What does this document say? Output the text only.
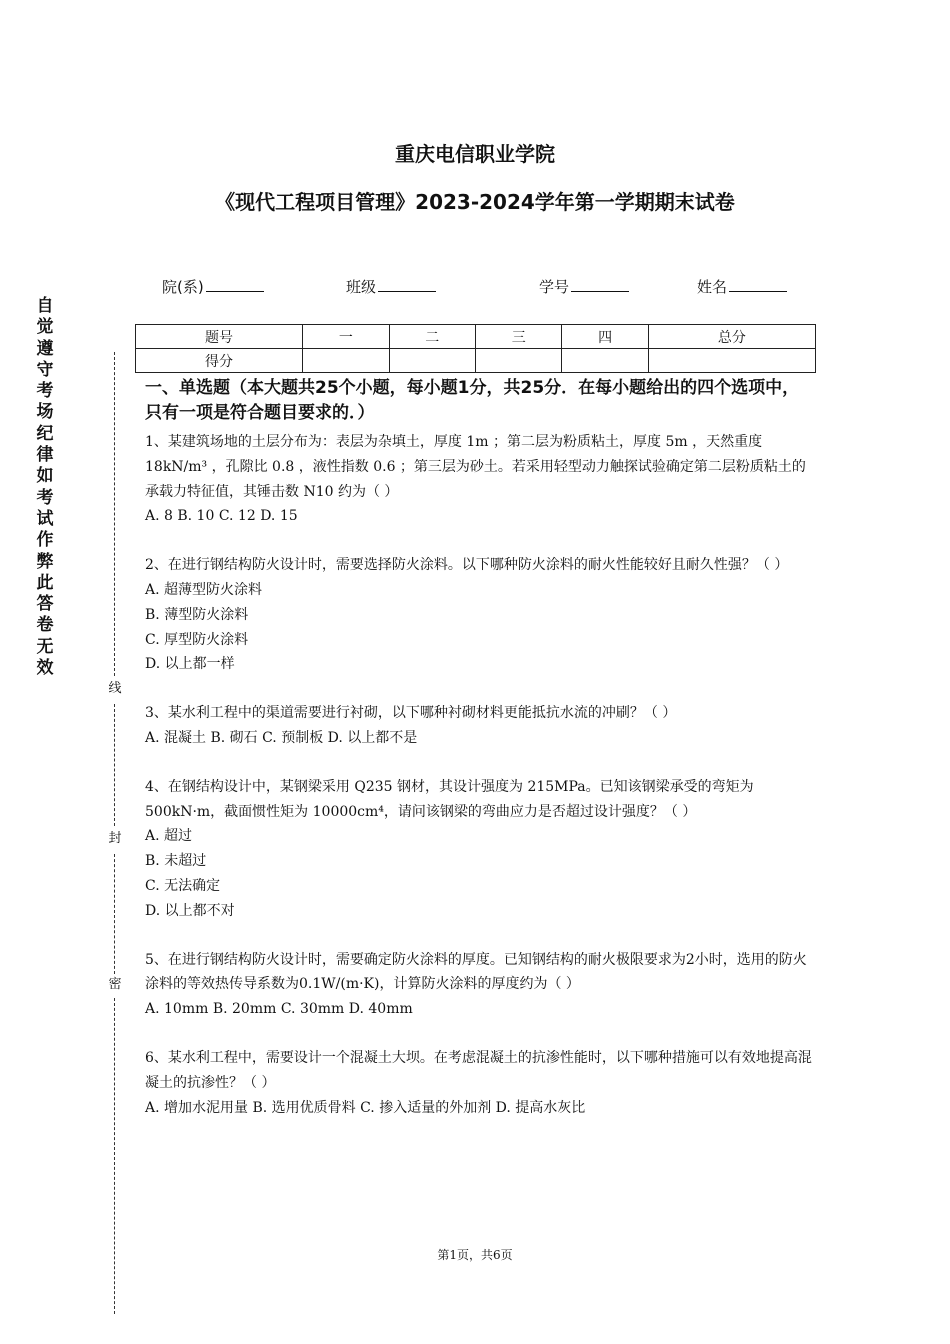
重庆电信职业学院
《现代工程项目管理》2023-2024学年第一学期期末试卷
院(系)	班级	学号	姓名
题号	一	二	三	四	总分
得分					
自觉遵守考场纪律如考试作弊此答卷无效
线
封
密
一、单选题（本大题共25个小题，每小题1分，共25分．在每小题给出的四个选项中，只有一项是符合题目要求的．）

1、某建筑场地的土层分布为：表层为杂填土，厚度 1m ；第二层为粉质粘土，厚度 5m ，天然重度 18kN/m³ ，孔隙比 0.8 ，液性指数 0.6 ；第三层为砂土。若采用轻型动力触探试验确定第二层粉质粘土的承载力特征值，其锤击数 N10 约为（ ）

A. 8 B. 10 C. 12 D. 15

2、在进行钢结构防火设计时，需要选择防火涂料。以下哪种防火涂料的耐火性能较好且耐久性强？（ ）

A. 超薄型防火涂料

B. 薄型防火涂料

C. 厚型防火涂料

D. 以上都一样

3、某水利工程中的渠道需要进行衬砌，以下哪种衬砌材料更能抵抗水流的冲刷？（ ）

A. 混凝土 B. 砌石 C. 预制板 D. 以上都不是

4、在钢结构设计中，某钢梁采用 Q235 钢材，其设计强度为 215MPa。已知该钢梁承受的弯矩为 500kN·m，截面惯性矩为 10000cm⁴，请问该钢梁的弯曲应力是否超过设计强度？（ ）

A. 超过

B. 未超过

C. 无法确定

D. 以上都不对

5、在进行钢结构防火设计时，需要确定防火涂料的厚度。已知钢结构的耐火极限要求为2小时，选用的防火涂料的等效热传导系数为0.1W/(m·K)，计算防火涂料的厚度约为（ ）

A. 10mm B. 20mm C. 30mm D. 40mm

6、某水利工程中，需要设计一个混凝土大坝。在考虑混凝土的抗渗性能时，以下哪种措施可以有效地提高混凝土的抗渗性？（ ）

A. 增加水泥用量 B. 选用优质骨料 C. 掺入适量的外加剂 D. 提高水灰比

第1页，共6页
